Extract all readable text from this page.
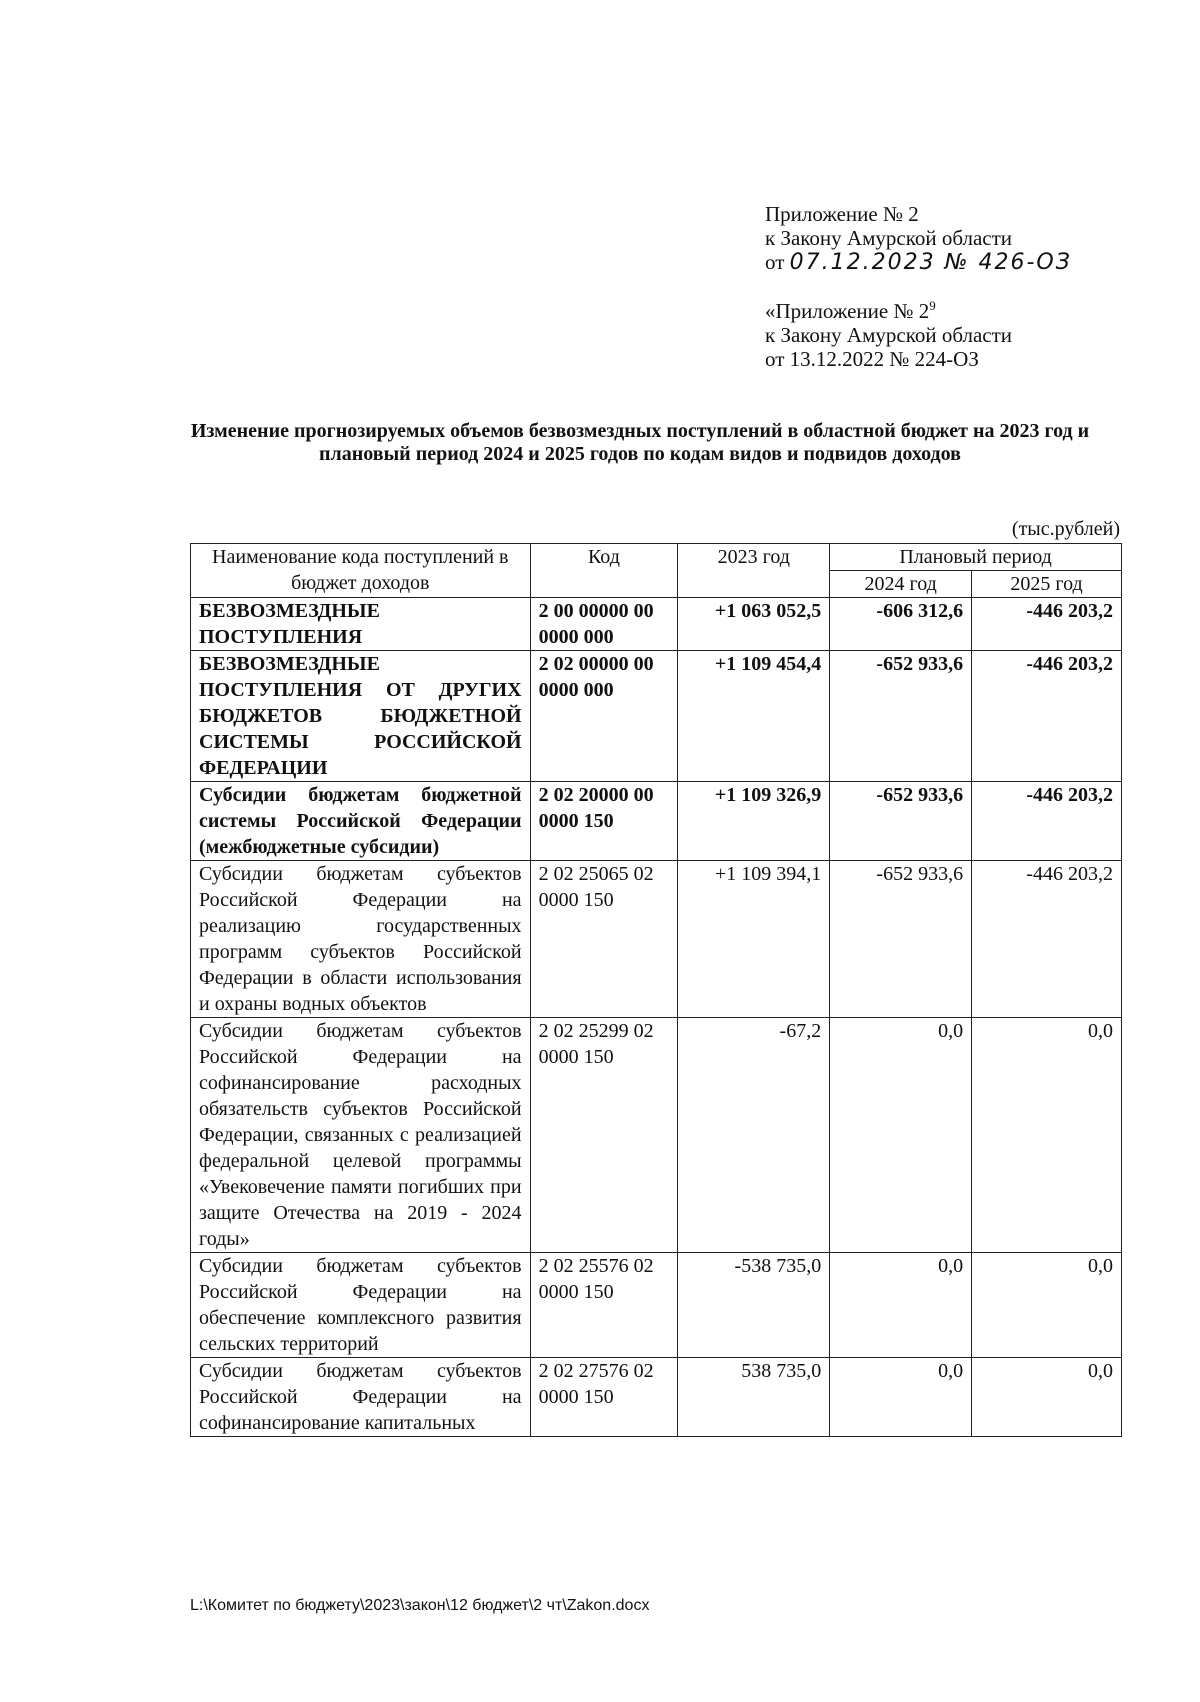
Приложение № 2
к Закону Амурской области
от 07.12.2023 № 426-ОЗ
«Приложение № $2^9$
к Закону Амурской области
от 13.12.2022 № 224-ОЗ
Изменение прогнозируемых объемов безвозмездных поступлений в областной бюджет на 2023 год и плановый период 2024 и 2025 годов по кодам видов и подвидов доходов
(тыс.рублей)
Наименование кода поступлений в бюджет доходов	Код	2023 год	Плановый период	
			2024 год	2025 год
БЕЗВОЗМЕЗДНЫЕ ПОСТУПЛЕНИЯ	2 00 00000 00 0000 000	+1 063 052,5	-606 312,6	-446 203,2
БЕЗВОЗМЕЗДНЫЕ ПОСТУПЛЕНИЯ ОТ ДРУГИХ БЮДЖЕТОВ БЮДЖЕТНОЙ СИСТЕМЫ РОССИЙСКОЙ ФЕДЕРАЦИИ	2 02 00000 00 0000 000	+1 109 454,4	-652 933,6	-446 203,2
Субсидии бюджетам бюджетной системы Российской Федерации (межбюджетные субсидии)	2 02 20000 00 0000 150	+1 109 326,9	-652 933,6	-446 203,2
Субсидии бюджетам субъектов Российской Федерации на реализацию государственных программ субъектов Российской Федерации в области использования и охраны водных объектов	2 02 25065 02 0000 150	+1 109 394,1	-652 933,6	-446 203,2
Субсидии бюджетам субъектов Российской Федерации на софинансирование расходных обязательств субъектов Российской Федерации, связанных с реализацией федеральной целевой программы «Увековечение памяти погибших при защите Отечества на 2019 - 2024 годы»	2 02 25299 02 0000 150	-67,2	0,0	0,0
Субсидии бюджетам субъектов Российской Федерации на обеспечение комплексного развития сельских территорий	2 02 25576 02 0000 150	-538 735,0	0,0	0,0
Субсидии бюджетам субъектов Российской Федерации на софинансирование капитальных	2 02 27576 02 0000 150	538 735,0	0,0	0,0
L:\Комитет по бюджету\2023\закон\12 бюджет\2 чт\Zakon.docx
